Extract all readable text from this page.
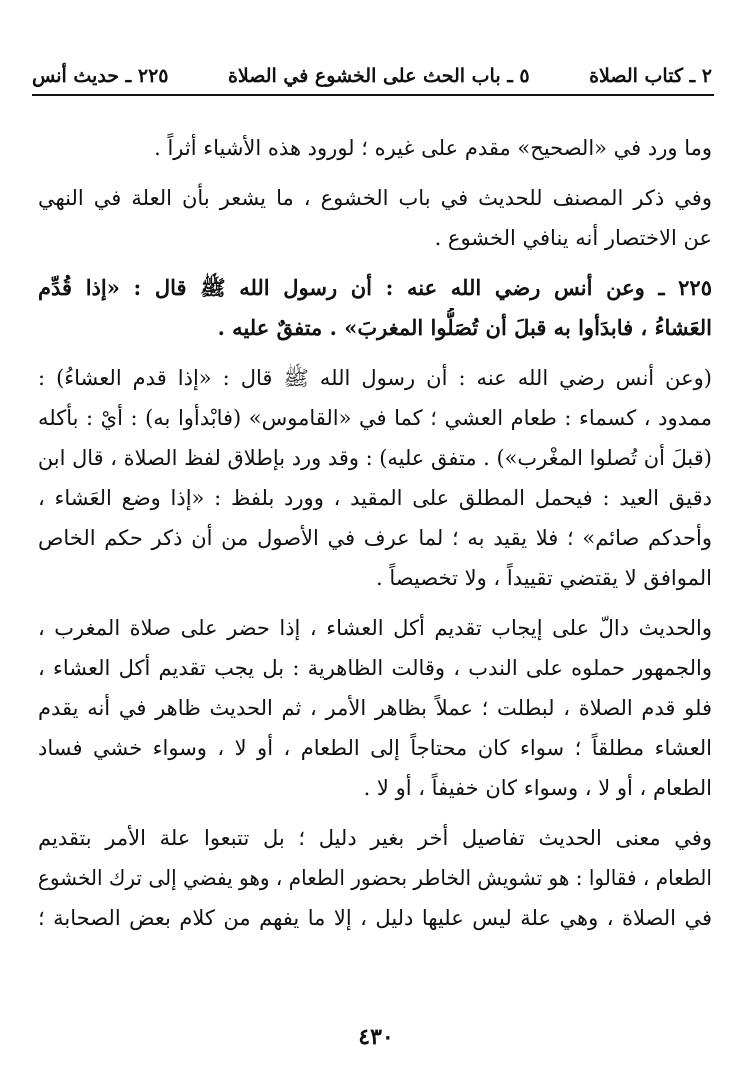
٢ ـ كتاب الصلاة
٥ ـ باب الحث على الخشوع في الصلاة
٢٢٥ ـ حديث أنس

وما ورد في «الصحيح» مقدم على غيره ؛ لورود هذه الأشياء أثراً .

وفي ذكر المصنف للحديث في باب الخشوع ، ما يشعر بأن العلة في النهي
عن الاختصار أنه ينافي الخشوع .

٢٢٥ ـ وعن أنس رضي الله عنه : أن رسول الله ﷺ قال : «إذا قُدِّم
العَشاءُ ، فابدَأوا به قبلَ أن تُصَلُّوا المغربَ» . متفقٌ عليه .

(وعن أنس رضي الله عنه : أن رسول الله ﷺ قال : «إذا قدم العشاءُ) :
ممدود ، كسماء : طعام العشي ؛ كما في «القاموس» (فابْدأوا به) : أيْ : بأكله
(قبلَ أن تُصلوا المغْرب») . متفق عليه) : وقد ورد بإطلاق لفظ الصلاة ، قال ابن
دقيق العيد : فيحمل المطلق على المقيد ، وورد بلفظ : «إذا وضع العَشاء ،
وأحدكم صائم» ؛ فلا يقيد به ؛ لما عرف في الأصول من أن ذكر حكم الخاص
الموافق لا يقتضي تقييداً ، ولا تخصيصاً .

والحديث دالّ على إيجاب تقديم أكل العشاء ، إذا حضر على صلاة المغرب ،
والجمهور حملوه على الندب ، وقالت الظاهرية : بل يجب تقديم أكل العشاء ،
فلو قدم الصلاة ، لبطلت ؛ عملاً بظاهر الأمر ، ثم الحديث ظاهر في أنه يقدم
العشاء مطلقاً ؛ سواء كان محتاجاً إلى الطعام ، أو لا ، وسواء خشي فساد
الطعام ، أو لا ، وسواء كان خفيفاً ، أو لا .

وفي معنى الحديث تفاصيل أخر بغير دليل ؛ بل تتبعوا علة الأمر بتقديم
الطعام ، فقالوا : هو تشويش الخاطر بحضور الطعام ، وهو يفضي إلى ترك الخشوع
في الصلاة ، وهي علة ليس عليها دليل ، إلا ما يفهم من كلام بعض الصحابة ؛

٤٣٠
